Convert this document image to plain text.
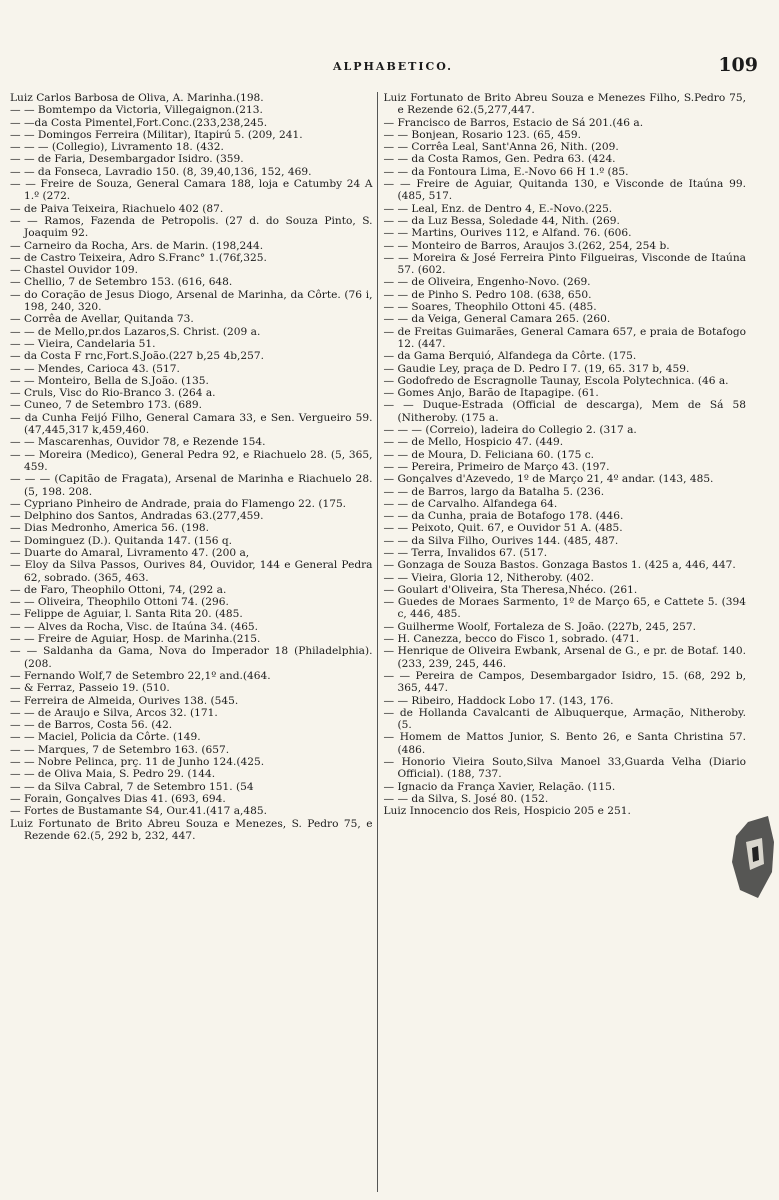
ALPHABETICO.	109
Luiz Carlos Barbosa de Oliva, A. Marinha.(198.
— — Bomtempo da Victoria, Villegaignon.(213.
— —da Costa Pimentel,Fort.Conc.(233,238,245.
— — Domingos Ferreira (Militar), Itapirú 5. (209, 241.
— — — (Collegio), Livramento 18. (432.
— — de Faria, Desembargador Isidro. (359.
— — da Fonseca, Lavradio 150. (8, 39,40,136, 152, 469.
— — Freire de Souza, General Camara 188, loja e Catumby 24 A 1.º (272.
— de Paiva Teixeira, Riachuelo 402 (87.
— — Ramos, Fazenda de Petropolis. (27 d. do Souza Pinto, S. Joaquim 92.
— Carneiro da Rocha, Ars. de Marin. (198,244.
— de Castro Teixeira, Adro S.Franc° 1.(76f,325.
— Chastel Ouvidor 109.
— Chellio, 7 de Setembro 153. (616, 648.
— do Coração de Jesus Diogo, Arsenal de Marinha, da Côrte. (76 i, 198, 240, 320.
— Corrêa de Avellar, Quitanda 73.
— — de Mello,pr.dos Lazaros,S. Christ. (209 a.
— — Vieira, Candelaria 51.
— da Costa F rnc,Fort.S.João.(227 b,25 4b,257.
— — Mendes, Carioca 43. (517.
— — Monteiro, Bella de S.João. (135.
— Cruls, Visc do Rio-Branco 3. (264 a.
— Cuneo, 7 de Setembro 173. (689.
— da Cunha Feijó Filho, General Camara 33, e Sen. Vergueiro 59. (47,445,317 k,459,460.
— — Mascarenhas, Ouvidor 78, e Rezende 154.
— — Moreira (Medico), General Pedra 92, e Riachuelo 28. (5, 365, 459.
— — — (Capitão de Fragata), Arsenal de Marinha e Riachuelo 28. (5, 198. 208.
— Cypriano Pinheiro de Andrade, praia do Flamengo 22. (175.
— Delphino dos Santos, Andradas 63.(277,459.
— Dias Medronho, America 56. (198.
— Dominguez (D.). Quitanda 147. (156 q.
— Duarte do Amaral, Livramento 47. (200 a,
— Eloy da Silva Passos, Ourives 84, Ouvidor, 144 e General Pedra 62, sobrado. (365, 463.
— de Faro, Theophilo Ottoni, 74, (292 a.
— — Oliveira, Theophilo Ottoni 74. (296.
— Felippe de Aguiar, l. Santa Rita 20. (485.
— — Alves da Rocha, Visc. de Itaúna 34. (465.
— — Freire de Aguiar, Hosp. de Marinha.(215.
— — Saldanha da Gama, Nova do Imperador 18 (Philadelphia). (208.
— Fernando Wolf,7 de Setembro 22,1º and.(464.
— & Ferraz, Passeio 19. (510.
— Ferreira de Almeida, Ourives 138. (545.
— — de Araujo e Silva, Arcos 32. (171.
— — de Barros, Costa 56. (42.
— — Maciel, Policia da Côrte. (149.
— — Marques, 7 de Setembro 163. (657.
— — Nobre Pelinca, prç. 11 de Junho 124.(425.
— — de Oliva Maia, S. Pedro 29. (144.
— — da Silva Cabral, 7 de Setembro 151. (54
— Forain, Gonçalves Dias 41. (693, 694.
— Fortes de Bustamante S4, Our.41.(417 a,485.
Luiz Fortunato de Brito Abreu Souza e Menezes, S. Pedro 75, e Rezende 62.(5, 292 b, 232, 447.
Luiz Fortunato de Brito Abreu Souza e Menezes Filho, S.Pedro 75, e Rezende 62.(5,277,447.
— Francisco de Barros, Estacio de Sá 201.(46 a.
— — Bonjean, Rosario 123. (65, 459.
— — Corrêa Leal, Sant'Anna 26, Nith. (209.
— — da Costa Ramos, Gen. Pedra 63. (424.
— — da Fontoura Lima, E.-Novo 66 H 1.º (85.
— — Freire de Aguiar, Quitanda 130, e Visconde de Itaúna 99. (485, 517.
— — Leal, Enz. de Dentro 4, E.-Novo.(225.
— — da Luz Bessa, Soledade 44, Nith. (269.
— — Martins, Ourives 112, e Alfand. 76. (606.
— — Monteiro de Barros, Araujos 3.(262, 254, 254 b.
— — Moreira & José Ferreira Pinto Filgueiras, Visconde de Itaúna 57. (602.
— — de Oliveira, Engenho-Novo. (269.
— — de Pinho S. Pedro 108. (638, 650.
— — Soares, Theophilo Ottoni 45. (485.
— — da Veiga, General Camara 265. (260.
— de Freitas Guimarães, General Camara 657, e praia de Botafogo 12. (447.
— da Gama Berquió, Alfandega da Côrte. (175.
— Gaudie Ley, praça de D. Pedro I 7. (19, 65. 317 b, 459.
— Godofredo de Escragnolle Taunay, Escola Polytechnica. (46 a.
— Gomes Anjo, Barão de Itapagipe. (61.
— — Duque-Estrada (Official de descarga), Mem de Sá 58 (Nitheroby. (175 a.
— — — (Correio), ladeira do Collegio 2. (317 a.
— — de Mello, Hospicio 47. (449.
— — de Moura, D. Feliciana 60. (175 c.
— — Pereira, Primeiro de Março 43. (197.
— Gonçalves d'Azevedo, 1º de Março 21, 4º andar. (143, 485.
— — de Barros, largo da Batalha 5. (236.
— — de Carvalho. Alfandega 64.
— — da Cunha, praia de Botafogo 178. (446.
— — Peixoto, Quit. 67, e Ouvidor 51 A. (485.
— — da Silva Filho, Ourives 144. (485, 487.
— — Terra, Invalidos 67. (517.
— Gonzaga de Souza Bastos. Gonzaga Bastos 1. (425 a, 446, 447.
— — Vieira, Gloria 12, Nitheroby. (402.
— Goulart d'Oliveira, Sta Theresa,Nhéco. (261.
— Guedes de Moraes Sarmento, 1º de Março 65, e Cattete 5. (394 c, 446, 485.
— Guilherme Woolf, Fortaleza de S. João. (227b, 245, 257.
— H. Canezza, becco do Fisco 1, sobrado. (471.
— Henrique de Oliveira Ewbank, Arsenal de G., e pr. de Botaf. 140. (233, 239, 245, 446.
— — Pereira de Campos, Desembargador Isidro, 15. (68, 292 b, 365, 447.
— — Ribeiro, Haddock Lobo 17. (143, 176.
— de Hollanda Cavalcanti de Albuquerque, Armação, Nitheroby. (5.
— Homem de Mattos Junior, S. Bento 26, e Santa Christina 57. (486.
— Honorio Vieira Souto,Silva Manoel 33,Guarda Velha (Diario Official). (188, 737.
— Ignacio da França Xavier, Relação. (115.
— — da Silva, S. José 80. (152.
Luiz Innocencio dos Reis, Hospicio 205 e 251.
